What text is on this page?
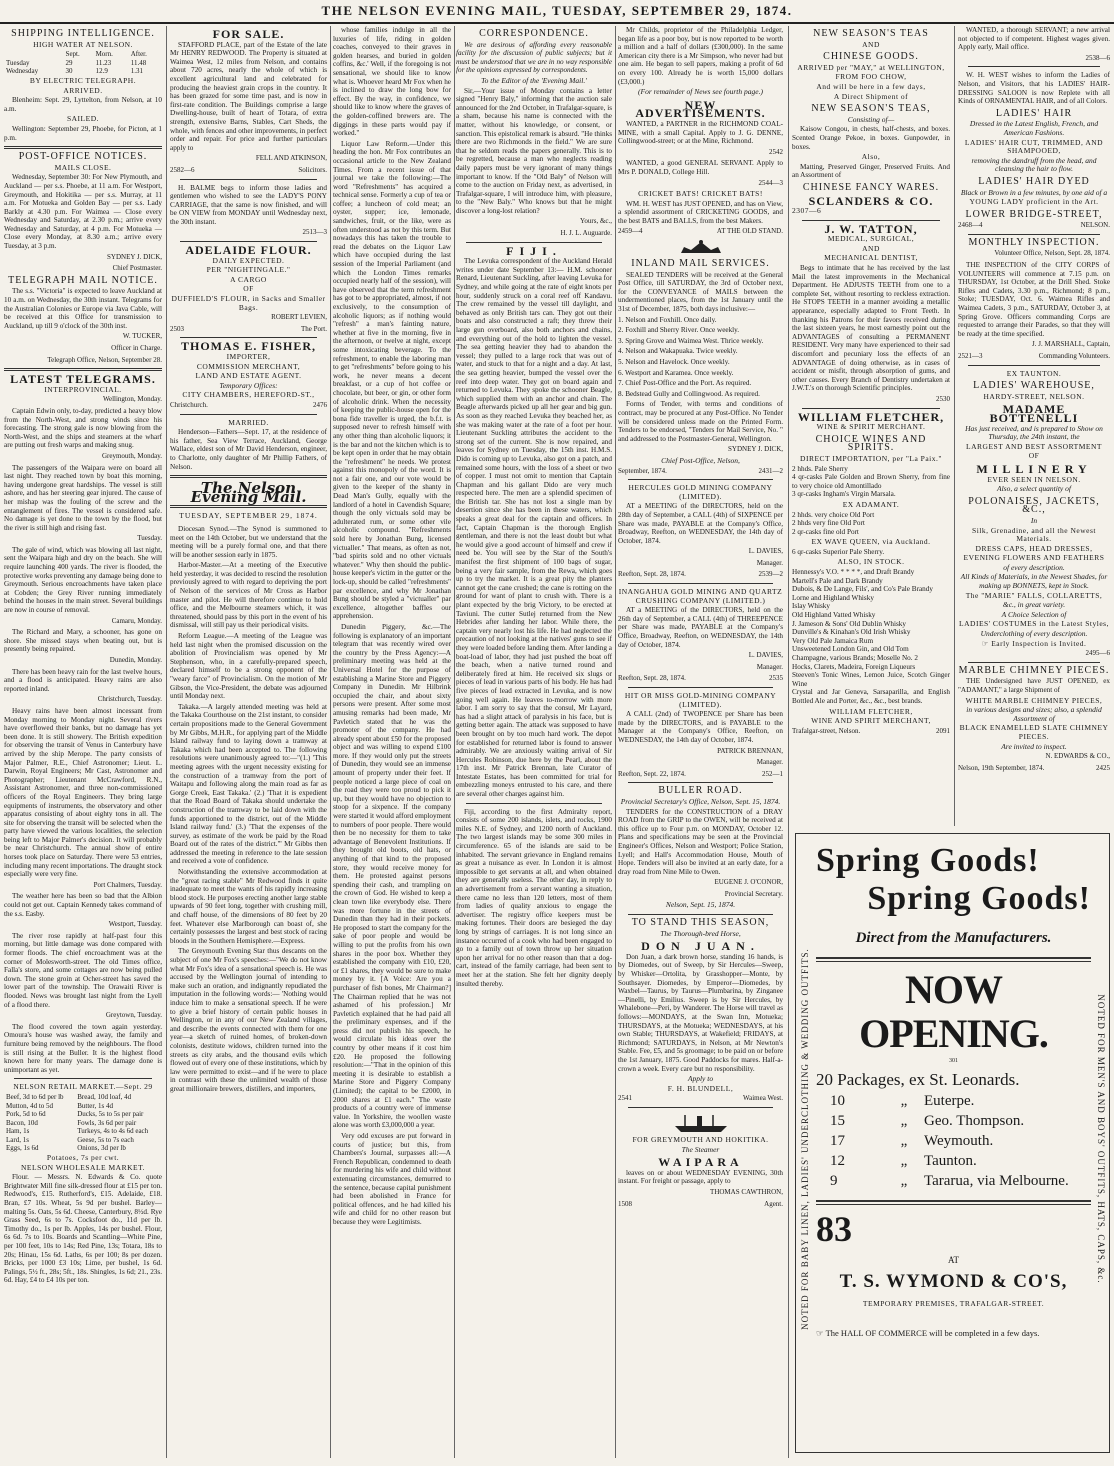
THE NELSON EVENING MAIL, TUESDAY, SEPTEMBER 29, 1874.
SHIPPING INTELLIGENCE.
HIGH WATER AT NELSON.
	Sept.	Morn.	After.
Tuesday	29	11.23	11.48
Wednesday	30	12.9	1.31
BY ELECTRIC TELEGRAPH.
ARRIVED.

Blenheim: Sept. 29, Lyttelton, from Nelson, at 10 a.m.

SAILED.

Wellington: September 29, Phoebe, for Picton, at 1 p.m.

POST-OFFICE NOTICES.
MAILS CLOSE.

Wednesday, September 30: For New Plymouth, and Auckland — per s.s. Phoebe, at 11 a.m. For Westport, Greymouth, and Hokitika — per s.s. Murray, at 11 a.m. For Motueka and Golden Bay — per s.s. Lady Barkly at 4.30 p.m. For Waimea — Close every Wednesday and Saturday, at 2.30 p.m.; arrive every Wednesday and Saturday, at 4 p.m. For Motueka — Close every Monday, at 8.30 a.m.; arrive every Tuesday, at 3 p.m.

SYDNEY J. DICK,
Chief Postmaster.
TELEGRAPH MAIL NOTICE.

The s.s. "Victoria" is expected to leave Auckland at 10 a.m. on Wednesday, the 30th instant. Telegrams for the Australian Colonies or Europe via Java Cable, will be received at this Office for transmission to Auckland, up till 9 o'clock of the 30th inst.

W. TUCKER,
Officer in Charge.
Telegraph Office, Nelson, September 28.
LATEST TELEGRAMS.
INTERPROVINCIAL.
Wellington, Monday.

Captain Edwin only, to-day, predicted a heavy blow from the North-West, and strong winds since his forecasting. The strong gale is now blowing from the North-West, and the ships and steamers at the wharf are putting out fresh warps and making snug.

Greymouth, Monday.

The passengers of the Waipara were on board all last night. They reached town by boat this morning, having undergone great hardships. The vessel is still ashore, and has her steering gear injured. The cause of her mishap was the fouling of the screw and the entanglement of fires. The vessel is considered safe. No damage is yet done to the town by the flood, but the river is still high and rising fast.

Tuesday.

The gale of wind, which was blowing all last night, sent the Waipara high and dry on the beach. She will require launching 400 yards. The river is flooded, the protective works preventing any damage being done to Greymouth. Serious encroachments have taken place at Cobden; the Grey River running immediately behind the houses in the main street. Several buildings are now in course of removal.

Camaru, Monday.

The Richard and Mary, a schooner, has gone on shore. She missed stays when beating out, but is presently being repaired.

Dunedin, Monday.

There has been heavy rain for the last twelve hours, and a flood is anticipated. Heavy rains are also reported inland.

Christchurch, Tuesday.

Heavy rains have been almost incessant from Monday morning to Monday night. Several rivers have overflowed their banks, but no damage has yet been done. It is still showery. The British expedition for observing the transit of Venus in Canterbury have arrived by the ship Merope. The party consists of Major Palmer, R.E., Chief Astronomer; Lieut. L. Darwin, Royal Engineers; Mr Cast, Astronomer and Photographer; Lieutenant McCrawford, R.N., Assistant Astronomer, and three non-commissioned officers of the Royal Engineers. They bring large equipments of instruments, the observatory and other apparatus consisting of about eighty tons in all. The site for observing the transit will be selected when the party have viewed the various localities, the selection being left to Major Palmer's decision. It will probably be near Christchurch. The annual show of entire horses took place on Saturday. There were 53 entries, including many recent importations. The draught stock especially were very fine.

Port Chalmers, Tuesday.

The weather here has been so bad that the Albion could not get out. Captain Kennedy takes command of the s.s. Easby.

Westport, Tuesday.

The river rose rapidly at half-past four this morning, but little damage was done compared with former floods. The chief encroachment was at the corner of Molesworth-street. The old Times office, Falla's store, and some cottages are now being pulled down. The stone groin at Ocher-street has saved the lower part of the township. The Orawaiti River is flooded. News was brought last night from the Lyell of a flood there.

Greytown, Tuesday.

The flood covered the town again yesterday. Omoura's house was washed away, the family and furniture being removed by the neighbours. The flood is still rising at the Buller. It is the highest flood known here for many years. The damage done is unimportant as yet.

NELSON RETAIL MARKET.—Sept. 29
Beef, 3d to 6d per lb	Bread, 10d loaf, 4d
Mutton, 4d to 5d	Butter, 1s 4d
Pork, 5d to 6d	Ducks, 5s to 5s per pair
Bacon, 10d	Fowls, 3s 6d per pair
Ham, 1s	Turkeys, 4s to 4s 6d each
Lard, 1s	Geese, 5s to 7s each
Eggs, 1s 6d	Onions, 3d per lb
Potatoes, 7s per cwt.
NELSON WHOLESALE MARKET.

Flour. — Messrs. N. Edwards & Co. quote Brightwater Mill fine silk-dressed flour at £15 per ton. Redwood's, £15. Rutherford's, £15. Adelaide, £18. Bran, £7 10s. Wheat, 5s 9d per bushel. Barley—malting 5s. Oats, 5s 6d. Cheese, Canterbury, 8½d. Rye Grass Seed, 6s to 7s. Cocksfoot do., 11d per lb. Timothy do., 1s per lb. Apples, 14s per bushel. Flour, 6s 6d. 7s to 10s. Boards and Scantling—White Pine, per 100 feet, 10s to 14s; Red Pine, 13s; Totara, 18s to 20s; Hinau, 15s 6d. Laths, 6s per 100; 8s per dozen. Bricks, per 1000 £3 10s; Lime, per bushel, 1s 6d. Palings, 5½ ft., 28s; 5ft., 18s. Shingles, 1s 6d; 21., 23s. 6d. Hay, £4 to £4 10s per ton.

FOR SALE.

STAFFORD PLACE, part of the Estate of the late Mr HENRY REDWOOD. The Property is situated at Waimea West, 12 miles from Nelson, and contains about 720 acres, nearly the whole of which is excellent agricultural land and celebrated for producing the heaviest grain crops in the country. It has been grazed for some time past, and is now in first-rate condition. The Buildings comprise a large Dwelling-house, built of heart of Totara, of extra strength, extensive Barns, Stables, Cart Sheds, the whole, with fences and other improvements, in perfect order and repair. For price and further particulars apply to

FELL AND ATKINSON,
2582—6	Solicitors.

H. BALME begs to inform those ladies and gentlemen who wished to see the LADY'S PONY CARRIAGE, that the same is now finished, and will be ON VIEW from MONDAY until Wednesday next, the 30th instant.

2513—3
ADELAIDE FLOUR.
DAILY EXPECTED.
PER "NIGHTINGALE."
A CARGO
OF
DUFFIELD'S FLOUR, in Sacks and Smaller Bags.
ROBERT LEVIEN,
2503	The Port.
THOMAS E. FISHER,
IMPORTER,
COMMISSION MERCHANT,
LAND AND ESTATE AGENT.
Temporary Offices:
CITY CHAMBERS, HEREFORD-ST.,
Christchurch.	2476
MARRIED.

Henderson—Fathers—Sept. 17, at the residence of his father, Sea View Terrace, Auckland, George Wallace, eldest son of Mr David Henderson, engineer, to Charlotte, only daughter of Mr Phillip Fathers, of Nelson.

The Nelson Evening Mail.
TUESDAY, SEPTEMBER 29, 1874.

Diocesan Synod.—The Synod is summoned to meet on the 14th October, but we understand that the meeting will be a purely formal one, and that there will be another session early in 1875.

Harbor-Master.—At a meeting of the Executive held yesterday, it was decided to rescind the resolution previously agreed to with regard to depriving the port of Nelson of the services of Mr Cross as Harbor master and pilot. He will therefore continue to hold office, and the Melbourne steamers which, it was threatened, should pass by this port in the event of his dismissal, will still pay us their periodical visits.

Reform League.—A meeting of the League was held last night when the promised discussion on the abolition of Provincialism was opened by Mr Stephenson, who, in a carefully-prepared speech, declared himself to be a strong opponent of the "weary farce" of Provincialism. On the motion of Mr Gibson, the Vice-President, the debate was adjourned until Monday next.

Takaka.—A largely attended meeting was held at the Takaka Courthouse on the 21st instant, to consider certain propositions made to the General Government by Mr Gibbs, M.H.R., for applying part of the Middle Island railway fund to laying down a tramway at Takaka which had been accepted to. The following resolutions were unanimously agreed to:—"(1.) 'This meeting agrees with the urgent necessity existing for the construction of a tramway from the port of Waitapu and following along the main road as far as Gorge Creek, East Takaka.' (2.) 'That it is expedient that the Road Board of Takaka should undertake the construction of the tramway to be laid down with the funds apportioned to the district, out of the Middle Island railway fund.' (3.) 'That the expenses of the survey, as estimate of the work be paid by the Road Board out of the rates of the district.'" Mr Gibbs then addressed the meeting in reference to the late session and received a vote of confidence.

Notwithstanding the extensive accommodation at the "great racing stable" Mr Redwood finds it quite inadequate to meet the wants of his rapidly increasing blood stock. He purposes erecting another large stable upwards of 90 feet long, together with crushing mill, and chaff house, of the dimensions of 80 feet by 20 feet. Whatever else Marlborough can boast of, she certainly possesses the largest and best stock of racing bloods in the Southern Hemisphere.—Express.

The Greymouth Evening Star thus descants on the subject of one Mr Fox's speeches:—"We do not know what Mr Fox's idea of a sensational speech is. He was accused by the Wellington journal of intending to make such an oration, and indignantly repudiated the imputation in the following words:— 'Nothing would induce him to make a sensational speech. If he were to give a brief history of certain public houses in Wellington, or in any of our New Zealand villages, and describe the events connected with them for one year—a sketch of ruined homes, of broken-down colonists, destitute widows, children turned into the streets as city arabs, and the thousand evils which flowed out of every one of these institutions, which by law were permitted to exist—and if he were to place in contrast with these the unlimited wealth of those great millionaire brewers, distillers, and importers,

whose families indulge in all the luxuries of life, riding in golden coaches, conveyed to their graves in golden hearses, and buried in golden coffins, &c.' Well, if the foregoing is not sensational, we should like to know what is. Whoever heard Mr Fox when he is inclined to draw the long bow for effect. By the way, in confidence, we should like to know where the graves of the golden-coffined brewers are. The diggings in these parts would pay if worked."

Liquor Law Reform.—Under this heading the hon. Mr Fox contributes an occasional article to the New Zealand Times. From a recent issue of that journal we take the following:—The word "Refreshments" has acquired a technical sense. Formerly a cup of tea or coffee; a luncheon of cold meat; an oyster, supper; ice, lemonade, sandwiches, fruit, or the like, were as often understood as not by this term. But nowadays this has taken the trouble to read the debates on the Liquor Law which have occupied during the last session of the Imperial Parliament (and which the London Times remarks occupied nearly half of the session), will have observed that the term refreshment has got to be appropriated, almost, if not exclusively, to the consumption of alcoholic liquors; as if nothing would "refresh" a man's fainting nature, whether at five in the morning, five in the afternoon, or twelve at night, except some intoxicating beverage. To the refreshment, to enable the laboring man to get "refreshments" before going to his work, he never means a decent breakfast, or a cup of hot coffee or chocolate, but beer, or gin, or other form of alcoholic drink. When the necessity of keeping the public-house open for the bona fide traveller is urged, the b.f.t. is supposed never to refresh himself with any other thing than alcoholic liquors; it is the bar and not the kitchen which is to be kept open in order that he may obtain the "refreshment" he needs. We protest against this monopoly of the word. It is not a fair one, and our vote would be given to the keeper of the shanty in Dead Man's Gully, equally with the landlord of a hotel in Cavendish Square; though the only victuals sold may be adulterated rum, or some other vile alcoholic compound. "Refreshments sold here by Jonathan Bung, licensed victualler." That means, as often as not, "bad spirits sold and no other victuals whatever." Why then should the public-house keeper's victim in the gutter or the lock-up, should be called "refreshments" par excellence, and why Mr Jonathan Bung should be styled a "victualler" par excellence, altogether baffles our apprehension.

Dunedin Piggery, &c.—The following is explanatory of an important telegram that was recently wired over the country by the Press Agency:—A preliminary meeting was held at the Universal Hotel for the purpose of establishing a Marine Store and Piggery Company in Dunedin. Mr Hilbrink occupied the chair, and about sixty persons were present. After some most amusing remarks had been made, Mr Pavletich stated that he was the promoter of the company. He had already spent about £50 for the proposed object and was willing to expend £100 more. If they would only put the streets of Dunedin, they would see an immense amount of property under their feet. If people noticed a large piece of coal on the road they were too proud to pick it up, but they would have no objection to stoop for a sixpence. If the company were started it would afford employment to numbers of poor people. There would then be no necessity for them to take advantage of Benevolent Institutions. If they brought old boots, old hats, or anything of that kind to the proposed store, they would receive money for them. He protested against persons spending their cash, and trampling on the crown of God. He wished to keep a clean town like everybody else. There was more fortune in the streets of Dunedin than they had in their pockets. He proposed to start the company for the sake of poor people and would be willing to put the profits from his own shares in the poor box. Whether they established the company with £10, £20, or £1 shares, they would be sure to make money by it. [A Voice: Are you a purchaser of fish bones, Mr Chairman?] The Chairman replied that he was not ashamed of his profession.] Mr Pavletich explained that he had paid all the preliminary expenses, and if the press did not publish his speech, he would circulate his ideas over the country by other means if it cost him £20. He proposed the following resolution:—"That in the opinion of this meeting it is desirable to establish a Marine Store and Piggery Company (Limited); the capital to be £2000, in 2000 shares at £1 each." The waste products of a country were of immense value. In Yorkshire, the woollen waste alone was worth £3,000,000 a year.

Very odd excuses are put forward in courts of justice; but this, from Chambers's Journal, surpasses all:—A French Republican, condemned to death for murdering his wife and child without extenuating circumstances, demurred to the sentence, because capital punishment had been abolished in France for political offences, and he had killed his wife and child for no other reason but because they were Legitimists.

CORRESPONDENCE.

We are desirous of affording every reasonable facility for the discussion of public subjects; but it must be understood that we are in no way responsible for the opinions expressed by correspondents.

To the Editor of the 'Evening Mail.'

Sir,—Your issue of Monday contains a letter signed "Henry Baly," informing that the auction sale announced for the 2nd October, in Trafalgar-square, is a sham, because his name is connected with the matter, without his knowledge, or consent, or sanction. This epistolical remark is absurd. "He thinks there are two Richmonds in the field." We are sure that he seldom reads the papers generally. This is to be regretted, because a man who neglects reading daily papers must be very ignorant of many things important to know. If the "Old Baly" of Nelson will come to the auction on Friday next, as advertised, in Trafalgar-square, I will introduce him, with pleasure, to the "New Baly." Who knows but that he might discover a long-lost relation?

Yours, &c.,
H. J. L. Auguarde.
FIJI.

The Levuka correspondent of the Auckland Herald writes under date September 13:— H.M. schooner Renard, Lieutenant Suckling, after leaving Levuka for Sydney, and while going at the rate of eight knots per hour, suddenly struck on a coral reef off Kandavu. The crew remained by the vessel till daylight, and behaved as only British tars can. They got out their boats and also constructed a raft; they threw their large gun overboard, also both anchors and chains, and everything out of the hold to lighten the vessel. The sea getting heavier they had to abandon the vessel; they pulled to a large rock that was out of water, and stuck to that for a night and a day. At last, the sea getting heavier, bumped the vessel over the reef into deep water. They got on board again and returned to Levuka. They spoke the schooner Beagle, which supplied them with an anchor and chain. The Beagle afterwards picked up all her gear and big gun. As soon as they reached Levuka they beached her, as she was making water at the rate of a foot per hour. Lieutenant Suckling attributes the accident to the strong set of the current. She is now repaired, and leaves for Sydney on Tuesday, the 15th inst. H.M.S. Dido is coming up to Levuka, also got on a patch, and remained some hours, with the loss of a sheet or two of copper. I must not omit to mention that Captain Chapman and his gallant Dido are very much respected here. The men are a splendid specimen of the British tar. She has not lost a single man by desertion since she has been in these waters, which speaks a great deal for the captain and officers. In fact, Captain Chapman is the thorough English gentleman, and there is not the least doubt but what he would give a good account of himself and crew if need be. You will see by the Star of the South's manifest the first shipment of 100 bags of sugar, being a very fair sample, from the Rewa, which goes up to try the market. It is a great pity the planters cannot get the cane crushed; the cane is rotting on the ground for want of plant to crush with. There is a plant expected by the brig Victory, to be erected at Taviuni. The cutter Sutlej returned from the New Hebrides after landing her labor. While there, the captain very nearly lost his life. He had neglected the precaution of not looking at the natives' guns to see if they were loaded before landing them. After landing a boat-load of labor, they had just pushed the boat off the beach, when a native turned round and deliberately fired at him. He received six slugs or pieces of lead in various parts of his body. He has had five pieces of lead extracted in Levuka, and is now going well again. He leaves to-morrow with more labor. I am sorry to say that the consul, Mr Layard, has had a slight attack of paralysis in his face, but is getting better again. The attack was supposed to have been brought on by too much hard work. The depot for established for returned labor is found to answer admirably. We are anxiously waiting arrival of Sir Hercules Robinson, due here by the Pearl, about the 17th inst. Mr Patrick Brennan, late Curator of Intestate Estates, has been committed for trial for embezzling moneys entrusted to his care, and there are several other charges against him.

Fiji, according to the first Admiralty report, consists of some 200 islands, islets, and rocks, 1900 miles N.E. of Sydney, and 1200 north of Auckland. The two largest islands may be some 300 miles in circumference. 65 of the islands are said to be inhabited. The servant grievance in England remains as great a nuisance as ever. In London it is almost impossible to get servants at all, and when obtained they are generally useless. The other day, in reply to an advertisement from a servant wanting a situation, there came no less than 120 letters, most of them from ladies of quality anxious to engage the advertiser. The registry office keepers must be making fortunes. Their doors are besieged the day long by strings of carriages. It is not long since an instance occurred of a cook who had been engaged to go to a family out of town throw up her situation upon her arrival for no other reason than that a dog-cart, instead of the family carriage, had been sent to meet her at the station. She felt her dignity deeply insulted thereby.

Mr Childs, proprietor of the Philadelphia Ledger, began life as a poor boy, but is now reported to be worth a million and a half of dollars (£300,000). In the same American city there is a Mr Simpson, who never had but one aim. He began to sell papers, making a profit of 6d on every 100. Already he is worth 15,000 dollars (£3,000.)

(For remainder of News see fourth page.)
NEW ADVERTISEMENTS.

WANTED, a PARTNER in the RICHMOND COAL-MINE, with a small Capital. Apply to J. G. DENNE, Collingwood-street; or at the Mine, Richmond.

2542

WANTED, a good GENERAL SERVANT. Apply to Mrs P. DONALD, College Hill.

2544—3
CRICKET BATS! CRICKET BATS!

WM. H. WEST has JUST OPENED, and has on View, a splendid assortment of CRICKETING GOODS, and the best BATS and BALLS, from the best Makers.

2459—4	AT THE OLD STAND.
INLAND MAIL SERVICES.

SEALED TENDERS will be received at the General Post Office, till SATURDAY, the 3rd of October next, for the CONVEYANCE of MAILS between the undermentioned places, from the 1st January until the 31st of December, 1875, both days inclusive:—

1. Nelson and Foxhill. Once daily.

2. Foxhill and Sherry River. Once weekly.

3. Spring Grove and Waimea West. Thrice weekly.

4. Nelson and Wakapuaka. Twice weekly.

5. Nelson and Havelock. Once weekly.

6. Westport and Karamea. Once weekly.

7. Chief Post-Office and the Port. As required.

8. Bedstead Gully and Collingwood. As required.

Forms of Tender, with terms and conditions of contract, may be procured at any Post-Office. No Tender will be considered unless made on the Printed Form. Tenders to be endorsed, "Tenders for Mail Service, No. " and addressed to the Postmaster-General, Wellington.

SYDNEY J. DICK,
Chief Post-Office, Nelson,
September, 1874.	2431—2
HERCULES GOLD MINING COMPANY (LIMITED).

AT a MEETING of the DIRECTORS, held on the 28th day of September, a CALL (4th) of SIXPENCE per Share was made, PAYABLE at the Company's Office, Broadway, Reefton, on WEDNESDAY, the 14th day of October, 1874.

L. DAVIES,
Manager.
Reefton, Sept. 28, 1874.	2539—2
INANGAHUA GOLD MINING AND QUARTZ CRUSHING COMPANY (LIMITED.)

AT a MEETING of the DIRECTORS, held on the 26th day of September, a CALL (4th) of THREEPENCE per Share was made, PAYABLE at the Company's Office, Broadway, Reefton, on WEDNESDAY, the 14th day of October, 1874.

L. DAVIES,
Manager.
Reefton, Sept. 28, 1874.	2535
HIT OR MISS GOLD-MINING COMPANY (LIMITED).

A CALL (2nd) of TWOPENCE per Share has been made by the DIRECTORS, and is PAYABLE to the Manager at the Company's Office, Reefton, on WEDNESDAY, the 14th day of October, 1874.

PATRICK BRENNAN,
Manager.
Reefton, Sept. 22, 1874.	252—1
BULLER ROAD.
Provincial Secretary's Office, Nelson, Sept. 15, 1874.

TENDERS for the CONSTRUCTION of a DRAY ROAD from the GRIP to the OWEN, will be received at this office up to Four p.m. on MONDAY, October 12. Plans and specifications may be seen at the Provincial Engineer's Offices, Nelson and Westport; Police Station, Lyell; and Hall's Accommodation House, Mouth of Hope. Tenders will also be invited at an early date, for a dray road from Nine Mile to Owen.

EUGENE J. O'CONOR,
Provincial Secretary.
Nelson, Sept. 15, 1874.
TO STAND THIS SEASON,
The Thorough-bred Horse,
DON JUAN.

Don Juan, a dark brown horse, standing 16 hands, is by Diomedes, out of Sweep, by Sir Hercules—Sweep, by Whisker—Ortolita, by Grasshopper—Monte, by Southsayer. Diomedes, by Emperor—Diomedes, by Waxbel—Taurus, by Taurus—Plumbarina, by Zinganee—Pinelli, by Emilius. Sweep is by Sir Hercules, by Whalebone—Peri, by Wanderer. The Horse will travel as follows:—MONDAYS, at the Swan Inn, Motueka; THURSDAYS, at the Motueka; WEDNESDAYS, at his own Stable; THURSDAYS, at Wakefield; FRIDAYS, at Richmond; SATURDAYS, in Nelson, at Mr Newton's Stable. Fee, £5, and 5s groomage; to be paid on or before the 1st January, 1875. Good Paddocks for mares. Half-a-crown a week. Every care but no responsibility.

Apply to
F. H. BLUNDELL,
2541	Waimea West.
FOR GREYMOUTH AND HOKITIKA.
The Steamer
WAIPARA

leaves on or about WEDNESDAY EVENING, 30th instant. For freight or passage, apply to

THOMAS CAWTHRON,
1508	Agent.
NEW SEASON'S TEAS
AND
CHINESE GOODS.
ARRIVED per "MAY," at WELLINGTON,
FROM FOO CHOW,
And will be here in a few days,
A Direct Shipment of
NEW SEASON'S TEAS,
Consisting of—

Kaisow Congou, in chests, half-chests, and boxes. Scented Orange Pekoe, in boxes. Gunpowder, in boxes.

Also,

Matting, Preserved Ginger, Preserved Fruits. And an Assortment of

CHINESE FANCY WARES.
SCLANDERS & CO.
2307—6
J. W. TATTON,
MEDICAL, SURGICAL,
AND
MECHANICAL DENTIST,

Begs to intimate that he has received by the last Mail the latest improvements in the Mechanical Department. He ADJUSTS TEETH from one to a complete Set, without resorting to reckless extraction. He STOPS TEETH in a manner avoiding a metallic appearance, especially adapted to Front Teeth. In thanking his Patrons for their favors received during the last sixteen years, he most earnestly point out the ADVANTAGES of consulting a PERMANENT RESIDENT. Very many have experienced to their sad discomfort and pecuniary loss the effects of an ADVANTAGE of doing otherwise, as in cases of accident or misfit, through absorption of gums, and other causes. Every Branch of Dentistry undertaken at J.W.T.'s on thorough Scientific principles.

2530
WILLIAM FLETCHER,
WINE & SPIRIT MERCHANT.
CHOICE WINES AND SPIRITS.
DIRECT IMPORTATION, per "La Paix."

2 hhds. Pale Sherry
4 qr-casks Pale Golden and Brown Sherry, from fine to very choice old Amontillado
3 qr-casks Ingham's Virgin Marsala.

EX ADAMANT.

2 hhds. very choice Old Port
2 hhds very fine Old Port
2 qr-casks fine old Port

EX WAVE QUEEN, via Auckland.

6 qr-casks Superior Pale Sherry.

ALSO, IN STOCK.

Hennessy's V.O. * * * *, and Draft Brandy
Martell's Pale and Dark Brandy
Dubois, & De Lange, Fils', and Co's Pale Brandy
Lorne and Highland Whisky
Islay Whisky
Old Highland Vatted Whisky
J. Jameson & Sons' Old Dublin Whisky
Dunville's & Kinahan's Old Irish Whisky
Very Old Pale Jamaica Rum
Unsweetened London Gin, and Old Tom
Champagne, various Brands; Moselle No. 2
Hocks, Clarets, Madeira, Foreign Liqueurs
Steeven's Tonic Wines, Lemon Juice, Scotch Ginger Wine
Crystal and Jar Geneva, Sarsaparilla, and English Bottled Ale and Porter, &c., &c., best brands.

WILLIAM FLETCHER,
WINE AND SPIRIT MERCHANT,
Trafalgar-street, Nelson.	2091

WANTED, a thorough SERVANT; a new arrival not objected to if competent. Highest wages given. Apply early, Mail office.

2538—6

W. H. WEST wishes to inform the Ladies of Nelson, and Visitors, that his LADIES' HAIR-DRESSING SALOON is now Replete with all Kinds of ORNAMENTAL HAIR, and of all Colors.

LADIES' HAIR
Dressed in the Latest English, French, and American Fashions.
LADIES' HAIR CUT, TRIMMED, AND SHAMPOOED,
removing the dandruff from the head, and cleansing the hair to flow.
LADIES' HAIR DYED
Black or Brown in a few minutes, by one aid of a
YOUNG LADY proficient in the Art.
LOWER BRIDGE-STREET,
2468—4	NELSON.
MONTHLY INSPECTION.
Volunteer Office, Nelson, Sept. 28, 1874.

THE INSPECTION of the CITY CORPS of VOLUNTEERS will commence at 7.15 p.m. on THURSDAY, 1st October, at the Drill Shed. Stoke Rifles and Cadets, 3.30 p.m., Richmond; 8 p.m., Stoke; TUESDAY, Oct. 6. Waimea Rifles and Waimea Cadets, 3 p.m., SATURDAY, October 3, at Spring Grove. Officers commanding Corps are requested to arrange their Parades, so that they will be ready at the time specified.

J. J. MARSHALL, Captain,
2521—3	Commanding Volunteers.
EX TAUNTON.
LADIES' WAREHOUSE,
HARDY-STREET, NELSON.
MADAME BOTTENELLI
Has just received, and is prepared to Show on Thursday, the 24th instant, the
LARGEST AND BEST ASSORTMENT
OF
MILLINERY
EVER SEEN IN NELSON.
Also, a select quantity of
POLONAISES, JACKETS, &C.,
In
Silk, Grenadine, and all the Newest Materials.
DRESS CAPS, HEAD DRESSES,
EVENING FLOWERS AND FEATHERS
of every description.
All Kinds of Materials, in the Newest Shades, for making up BONNETS, kept in Stock.
The "MARIE" FALLS, COLLARETTS,
&c., in great variety.
A Choice Selection of
LADIES' COSTUMES in the Latest Styles,
Underclothing of every description.
☞ Early Inspection is Invited.
2495—6
MARBLE CHIMNEY PIECES.

THE Undersigned have JUST OPENED, ex "ADAMANT," a large Shipment of

WHITE MARBLE CHIMNEY PIECES,
in various designs and sizes; also, a splendid Assortment of
BLACK ENAMELLED SLATE CHIMNEY PIECES.
Are invited to inspect.
N. EDWARDS & CO.,
Nelson, 19th September, 1874.	2425
NOTED FOR BABY LINEN, LADIES' UNDERCLOTHING & WEDDING OUTFITS.	NOTED FOR MEN'S AND BOYS' OUTFITS, HATS, CAPS, &c.
Spring Goods!
Spring Goods!
Direct from the Manufacturers.
NOW OPENING.
301
20 Packages, ex St. Leonards.
10	„	Euterpe.
15	„	Geo. Thompson.
17	„	Weymouth.
12	„	Taunton.
9	„	Tararua, via Melbourne.
83
AT
T. S. WYMOND & CO'S,
TEMPORARY PREMISES, TRAFALGAR-STREET.
☞ The HALL OF COMMERCE will be completed in a few days.
